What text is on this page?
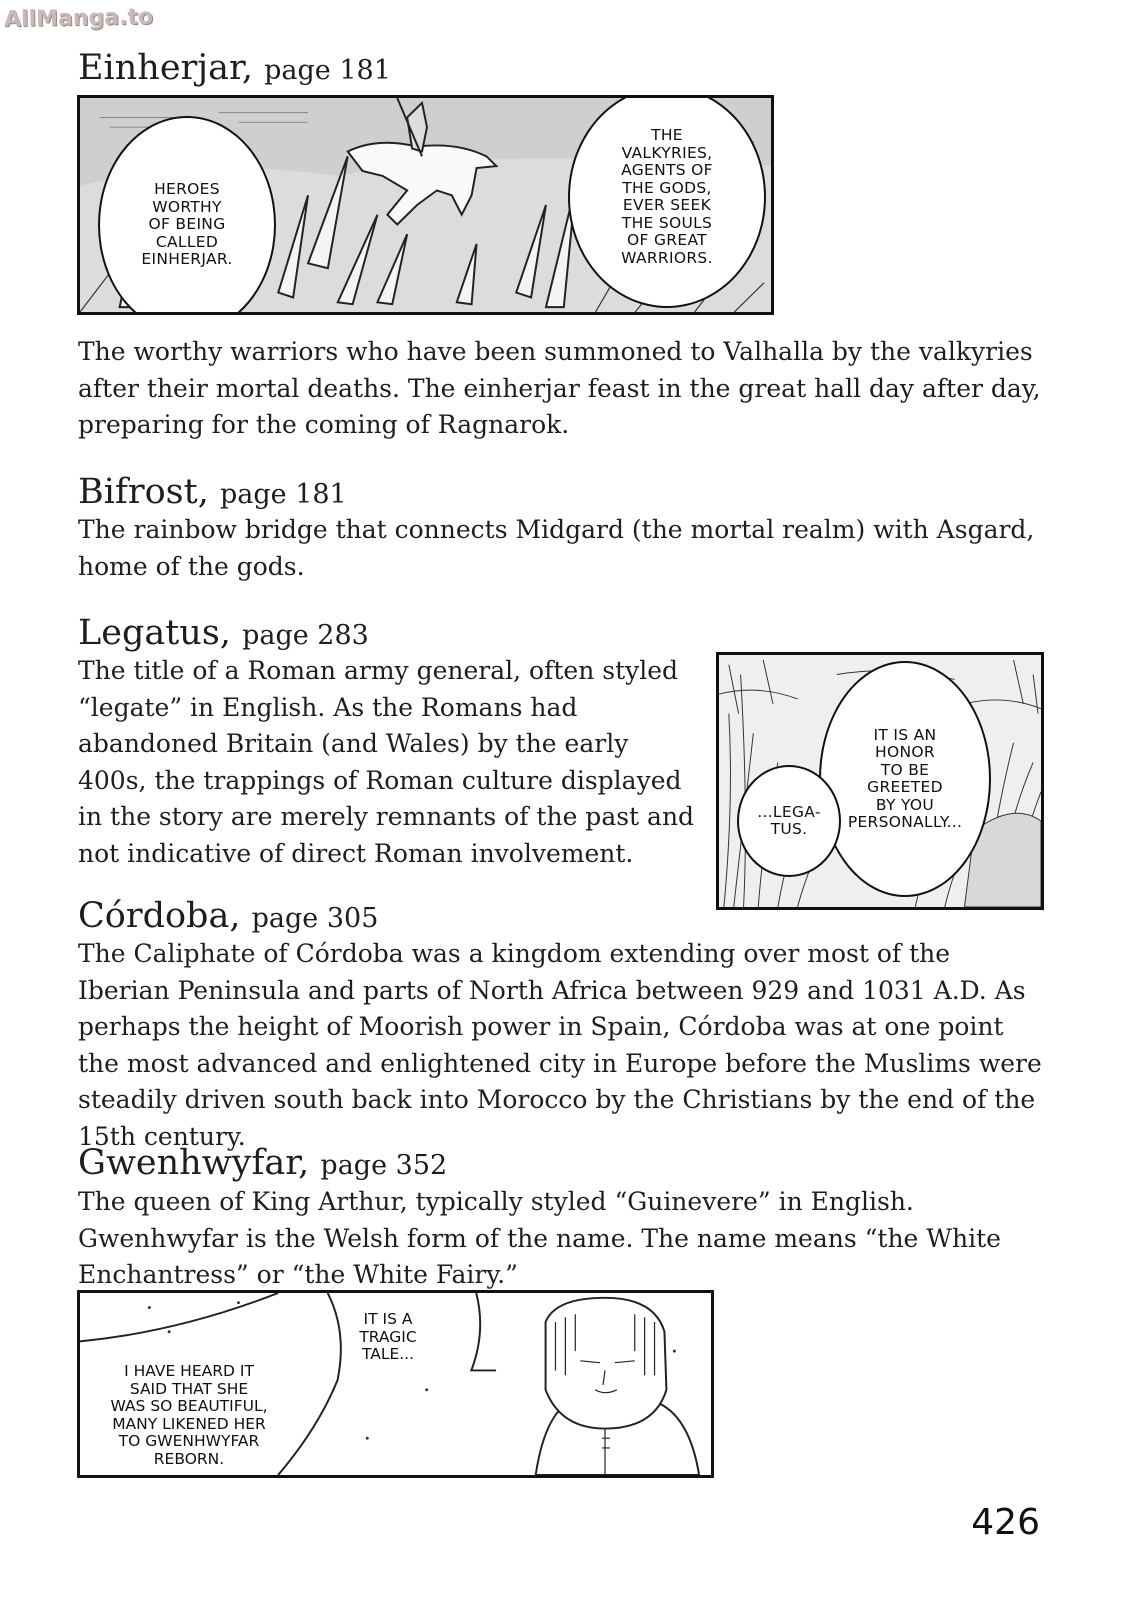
AllManga.to
Einherjar, page 181
HEROES
WORTHY
OF BEING
CALLED
EINHERJAR.
THE
VALKYRIES,
AGENTS OF
THE GODS,
EVER SEEK
THE SOULS
OF GREAT
WARRIORS.
The worthy warriors who have been summoned to Valhalla by the valkyries after their mortal deaths. The einherjar feast in the great hall day after day, preparing for the coming of Ragnarok.
Bifrost, page 181
The rainbow bridge that connects Midgard (the mortal realm) with Asgard, home of the gods.
Legatus, page 283
The title of a Roman army general, often styled “legate” in English. As the Romans had abandoned Britain (and Wales) by the early 400s, the trappings of Roman culture displayed in the story are merely remnants of the past and not indicative of direct Roman involvement.
IT IS AN
HONOR
TO BE
GREETED
BY YOU
PERSONALLY...
...LEGA-
TUS.
Córdoba, page 305
The Caliphate of Córdoba was a kingdom extending over most of the Iberian Peninsula and parts of North Africa between 929 and 1031 A.D. As perhaps the height of Moorish power in Spain, Córdoba was at one point the most advanced and enlightened city in Europe before the Muslims were steadily driven south back into Morocco by the Christians by the end of the 15th century.
Gwenhwyfar, page 352
The queen of King Arthur, typically styled “Guinevere” in English. Gwenhwyfar is the Welsh form of the name. The name means “the White Enchantress” or “the White Fairy.”
I HAVE HEARD IT
SAID THAT SHE
WAS SO BEAUTIFUL,
MANY LIKENED HER
TO GWENHWYFAR
REBORN.
IT IS A
TRAGIC
TALE...
426
